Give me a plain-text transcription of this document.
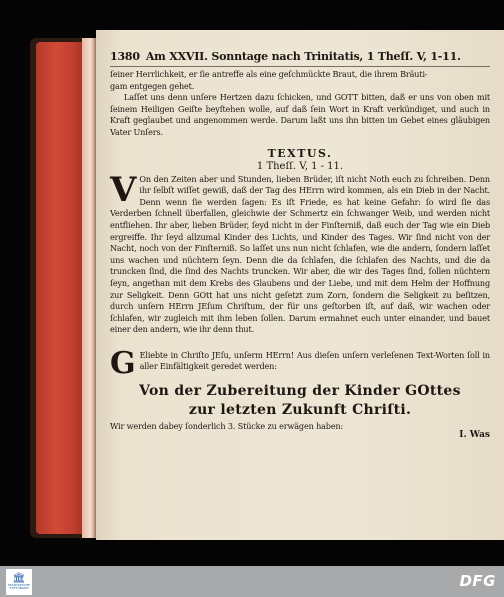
1380 Am XXVII. Sonntage nach Trinitatis, 1 Theſſ. V, 1-11.

ſeiner Herrlichkeit, er ſie antreffe als eine geſchmückte Braut, die ihrem Bräuti-

gam entgegen gehet.

Laſſet uns denn unſere Hertzen dazu ſchicken, und GOTT bitten, daß er uns von oben mit ſeinem Heiligen Geiſte beyſtehen wolle, auf daß ſein Wort in Kraft verkündiget, und auch in Kraft geglaubet und angenommen werde. Darum laßt uns ihn bitten im Gebet eines gläubigen Vater Unſers.

TEXTUS.
1 Theſſ. V, 1 - 11.
V On den Zeiten aber und Stunden, lieben Brüder, iſt nicht Noth euch zu ſchreiben. Denn ihr ſelbſt wiſſet gewiß, daß der Tag des HErrn wird kommen, als ein Dieb in der Nacht. Denn wenn ſie werden ſagen: Es iſt Friede, es hat keine Gefahr: ſo wird ſie das Verderben ſchnell überfallen, gleichwie der Schmertz ein ſchwanger Weib, und werden nicht entfliehen. Ihr aber, lieben Brüder, ſeyd nicht in der Finſterniß, daß euch der Tag wie ein Dieb ergreiffe. Ihr ſeyd allzumal Kinder des Lichts, und Kinder des Tages. Wir ſind nicht von der Nacht, noch von der Finſterniß. So laſſet uns nun nicht ſchlafen, wie die andern, ſondern laſſet uns wachen und nüchtern ſeyn. Denn die da ſchlafen, die ſchlafen des Nachts, und die da truncken ſind, die ſind des Nachts truncken. Wir aber, die wir des Tages ſind, ſollen nüchtern ſeyn, angethan mit dem Krebs des Glaubens und der Liebe, und mit dem Helm der Hoffnung zur Seligkeit. Denn GOtt hat uns nicht geſetzt zum Zorn, ſondern die Seligkeit zu beſitzen, durch unſern HErrn JEſum Chriſtum, der für uns geſtorben iſt, auf daß, wir wachen oder ſchlafen, wir zugleich mit ihm leben ſollen. Darum ermahnet euch unter einander, und bauet einer den andern, wie ihr denn thut.

G Eliebte in Chriſto JEſu, unſerm HErrn! Aus dieſen unſern verleſenen Text-Worten ſoll in aller Einfältigkeit geredet werden:

Von der Zubereitung der Kinder GOttes
zur letzten Zukunft Chriſti.

Wir werden dabey ſonderlich 3. Stücke zu erwägen haben:

I. Was
🏛
FRANCKESCHE STIFTUNGEN	DFG
